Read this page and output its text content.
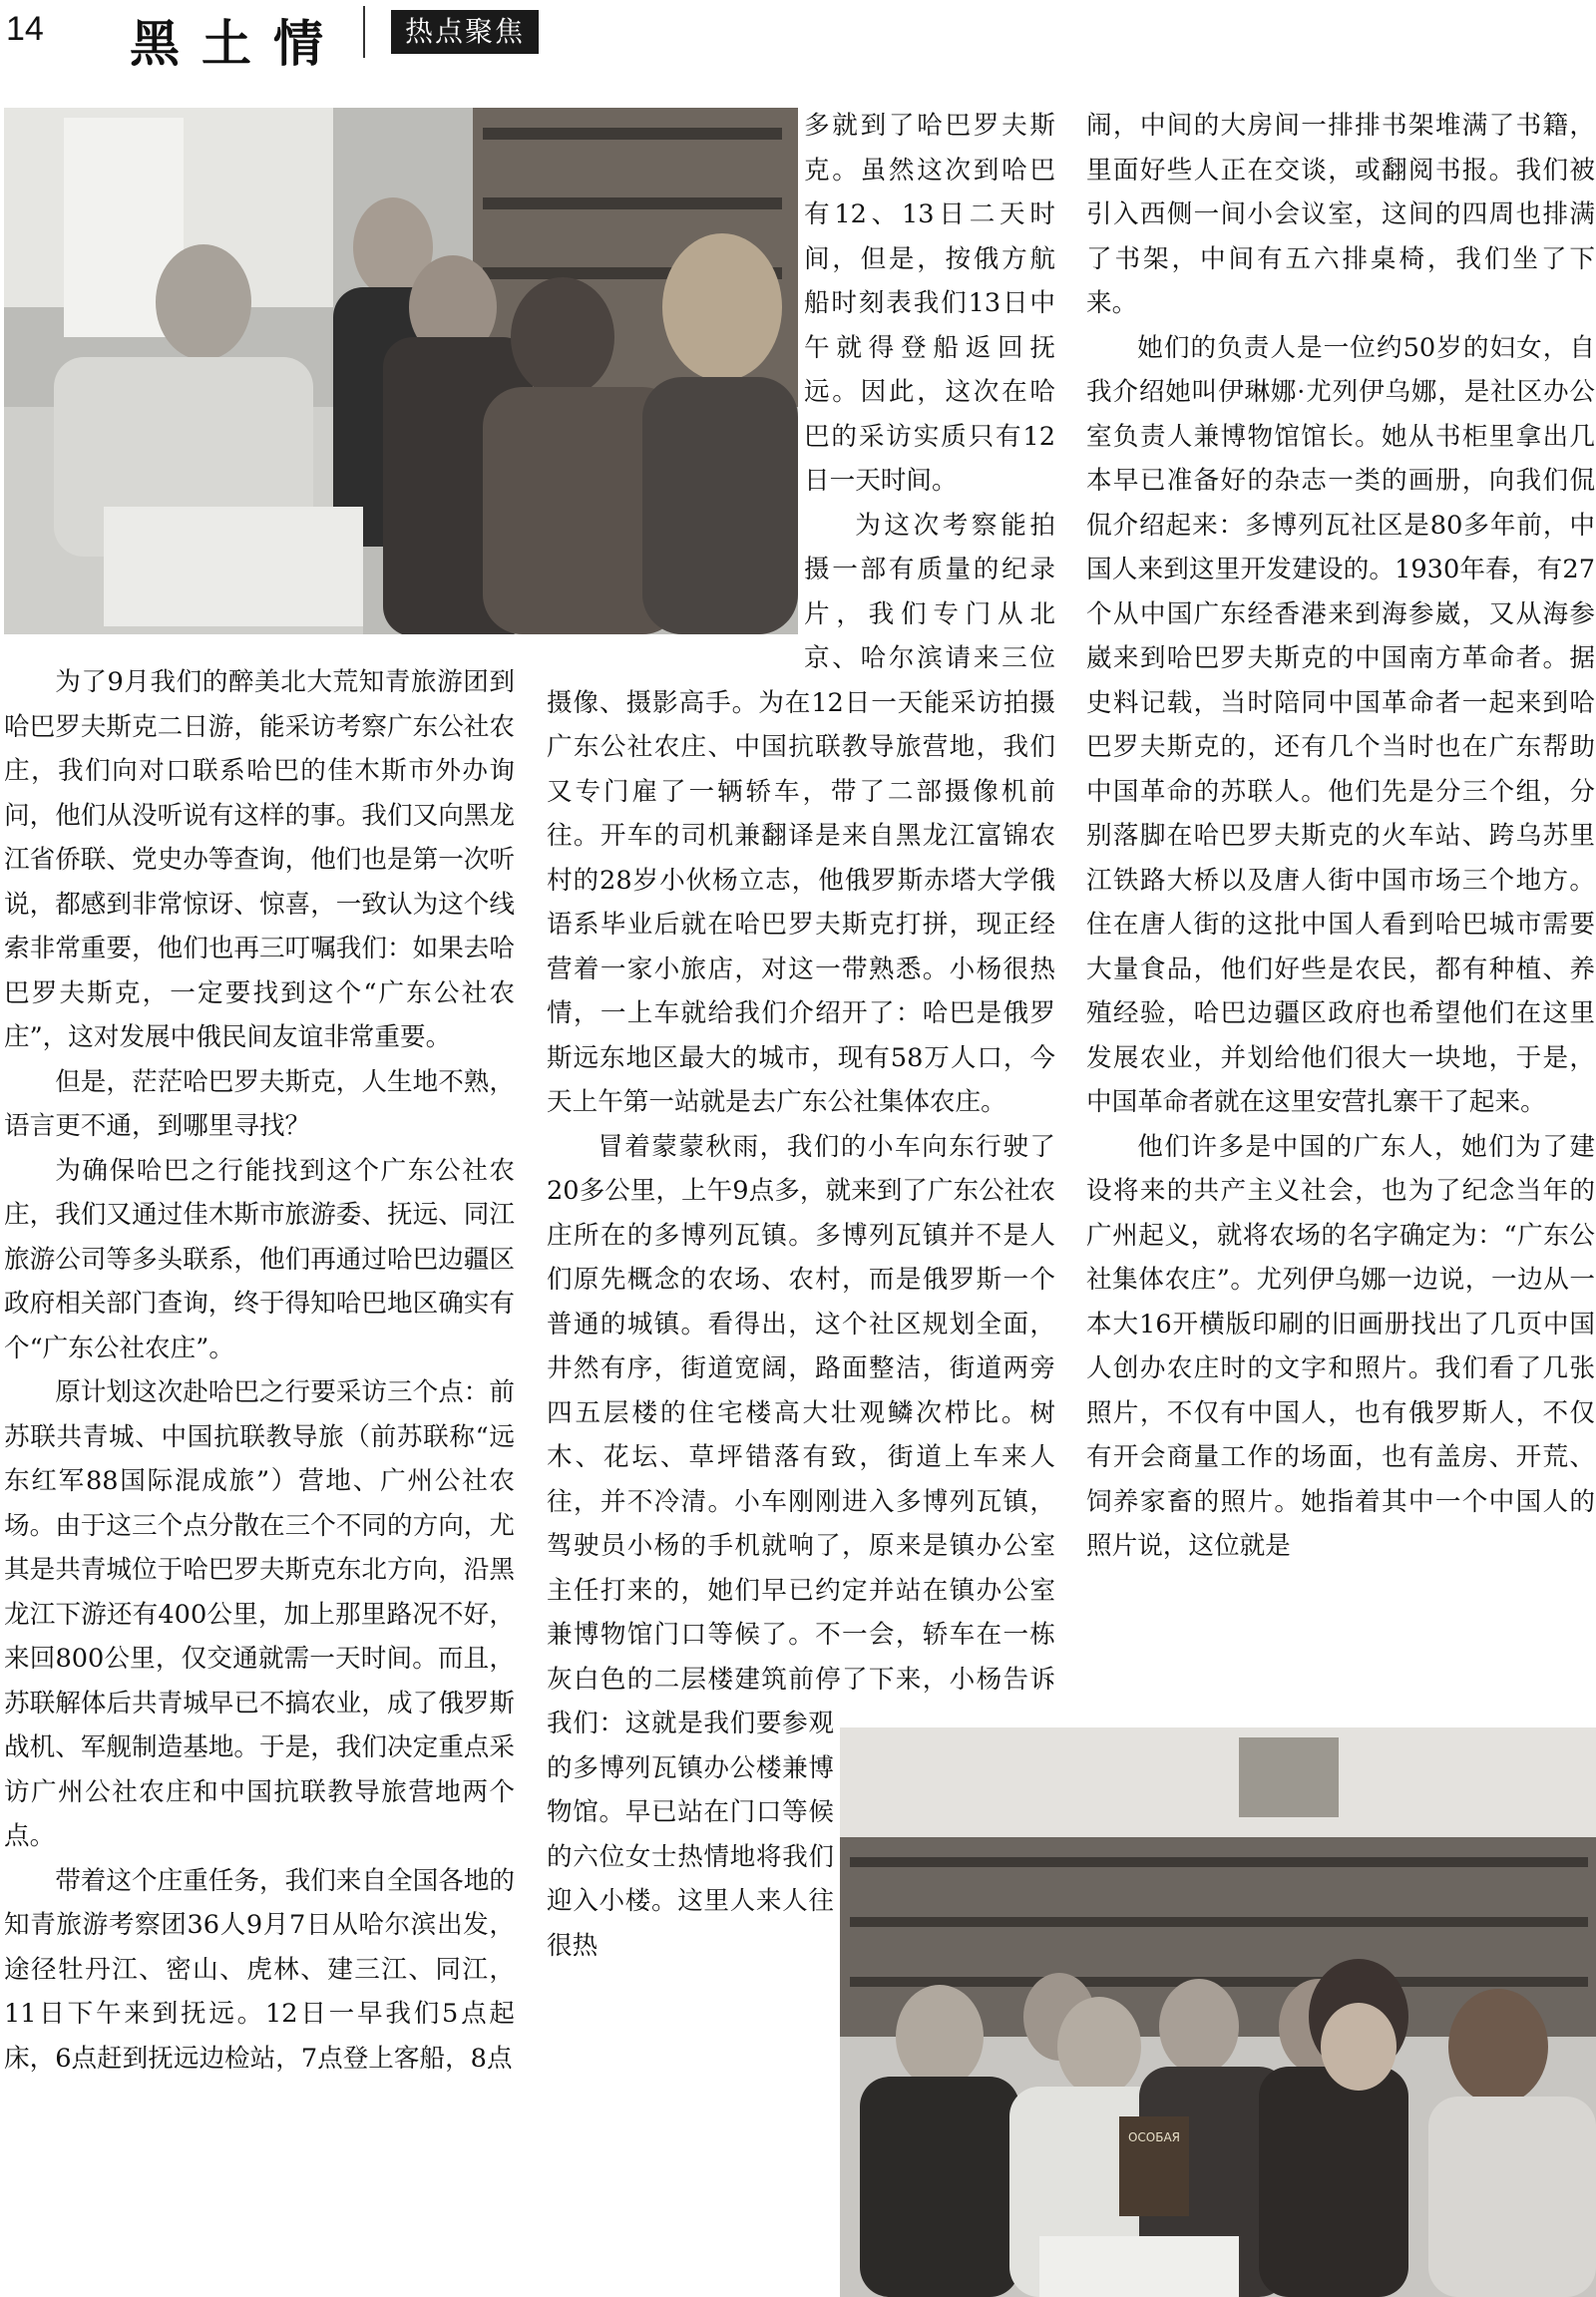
14 黑土情	热点聚焦
OCOБAЯ

为了9月我们的醉美北大荒知青旅游团到哈巴罗夫斯克二日游，能采访考察广东公社农庄，我们向对口联系哈巴的佳木斯市外办询问，他们从没听说有这样的事。我们又向黑龙江省侨联、党史办等查询，他们也是第一次听说，都感到非常惊讶、惊喜，一致认为这个线索非常重要，他们也再三叮嘱我们：如果去哈巴罗夫斯克，一定要找到这个“广东公社农庄”，这对发展中俄民间友谊非常重要。

但是，茫茫哈巴罗夫斯克，人生地不熟，语言更不通，到哪里寻找？

为确保哈巴之行能找到这个广东公社农庄，我们又通过佳木斯市旅游委、抚远、同江旅游公司等多头联系，他们再通过哈巴边疆区政府相关部门查询，终于得知哈巴地区确实有个“广东公社农庄”。

原计划这次赴哈巴之行要采访三个点：前苏联共青城、中国抗联教导旅（前苏联称“远东红军88国际混成旅”）营地、广州公社农场。由于这三个点分散在三个不同的方向，尤其是共青城位于哈巴罗夫斯克东北方向，沿黑龙江下游还有400公里，加上那里路况不好，来回800公里，仅交通就需一天时间。而且，苏联解体后共青城早已不搞农业，成了俄罗斯战机、军舰制造基地。于是，我们决定重点采访广州公社农庄和中国抗联教导旅营地两个点。

带着这个庄重任务，我们来自全国各地的知青旅游考察团36人9月7日从哈尔滨出发，途径牡丹江、密山、虎林、建三江、同江，11日下午来到抚远。12日一早我们5点起床，6点赶到抚远边检站，7点登上客船，8点

多就到了哈巴罗夫斯克。虽然这次到哈巴有12、13日二天时间，但是，按俄方航船时刻表我们13日中午就得登船返回抚远。因此，这次在哈巴的采访实质只有12日一天时间。

为这次考察能拍摄一部有质量的纪录片，我们专门从北京、哈尔滨请来三位摄像、摄影高手。为在12日一天能采访拍摄广东公社农庄、中国抗联教导旅营地，我们又专门雇了一辆轿车，带了二部摄像机前往。开车的司机兼翻译是来自黑龙江富锦农村的28岁小伙杨立志，他俄罗斯赤塔大学俄语系毕业后就在哈巴罗夫斯克打拼，现正经营着一家小旅店，对这一带熟悉。小杨很热情，一上车就给我们介绍开了：哈巴是俄罗斯远东地区最大的城市，现有58万人口，今天上午第一站就是去广东公社集体农庄。

冒着蒙蒙秋雨，我们的小车向东行驶了20多公里，上午9点多，就来到了广东公社农庄所在的多博列瓦镇。多博列瓦镇并不是人们原先概念的农场、农村，而是俄罗斯一个普通的城镇。看得出，这个社区规划全面，井然有序，街道宽阔，路面整洁，街道两旁四五层楼的住宅楼高大壮观鳞次栉比。树木、花坛、草坪错落有致，街道上车来人往，并不冷清。小车刚刚进入多博列瓦镇，驾驶员小杨的手机就响了，原来是镇办公室主任打来的，她们早已约定并站在镇办公室兼博物馆门口等候了。不一会，轿车在一栋灰白色的二层楼建筑前停了下来，小杨告诉我们：这就是我们要参观的多博列瓦镇办公楼兼博物馆。早已站在门口等候的六位女士热情地将我们迎入小楼。这里人来人往很热

闹，中间的大房间一排排书架堆满了书籍，里面好些人正在交谈，或翻阅书报。我们被引入西侧一间小会议室，这间的四周也排满了书架，中间有五六排桌椅，我们坐了下来。

她们的负责人是一位约50岁的妇女，自我介绍她叫伊琳娜·尤列伊乌娜，是社区办公室负责人兼博物馆馆长。她从书柜里拿出几本早已准备好的杂志一类的画册，向我们侃侃介绍起来：多博列瓦社区是80多年前，中国人来到这里开发建设的。1930年春，有27个从中国广东经香港来到海参崴，又从海参崴来到哈巴罗夫斯克的中国南方革命者。据史料记载，当时陪同中国革命者一起来到哈巴罗夫斯克的，还有几个当时也在广东帮助中国革命的苏联人。他们先是分三个组，分别落脚在哈巴罗夫斯克的火车站、跨乌苏里江铁路大桥以及唐人街中国市场三个地方。住在唐人街的这批中国人看到哈巴城市需要大量食品，他们好些是农民，都有种植、养殖经验，哈巴边疆区政府也希望他们在这里发展农业，并划给他们很大一块地，于是，中国革命者就在这里安营扎寨干了起来。

他们许多是中国的广东人，她们为了建设将来的共产主义社会，也为了纪念当年的广州起义，就将农场的名字确定为：“广东公社集体农庄”。尤列伊乌娜一边说，一边从一本大16开横版印刷的旧画册找出了几页中国人创办农庄时的文字和照片。我们看了几张照片，不仅有中国人，也有俄罗斯人，不仅有开会商量工作的场面，也有盖房、开荒、饲养家畜的照片。她指着其中一个中国人的照片说，这位就是
